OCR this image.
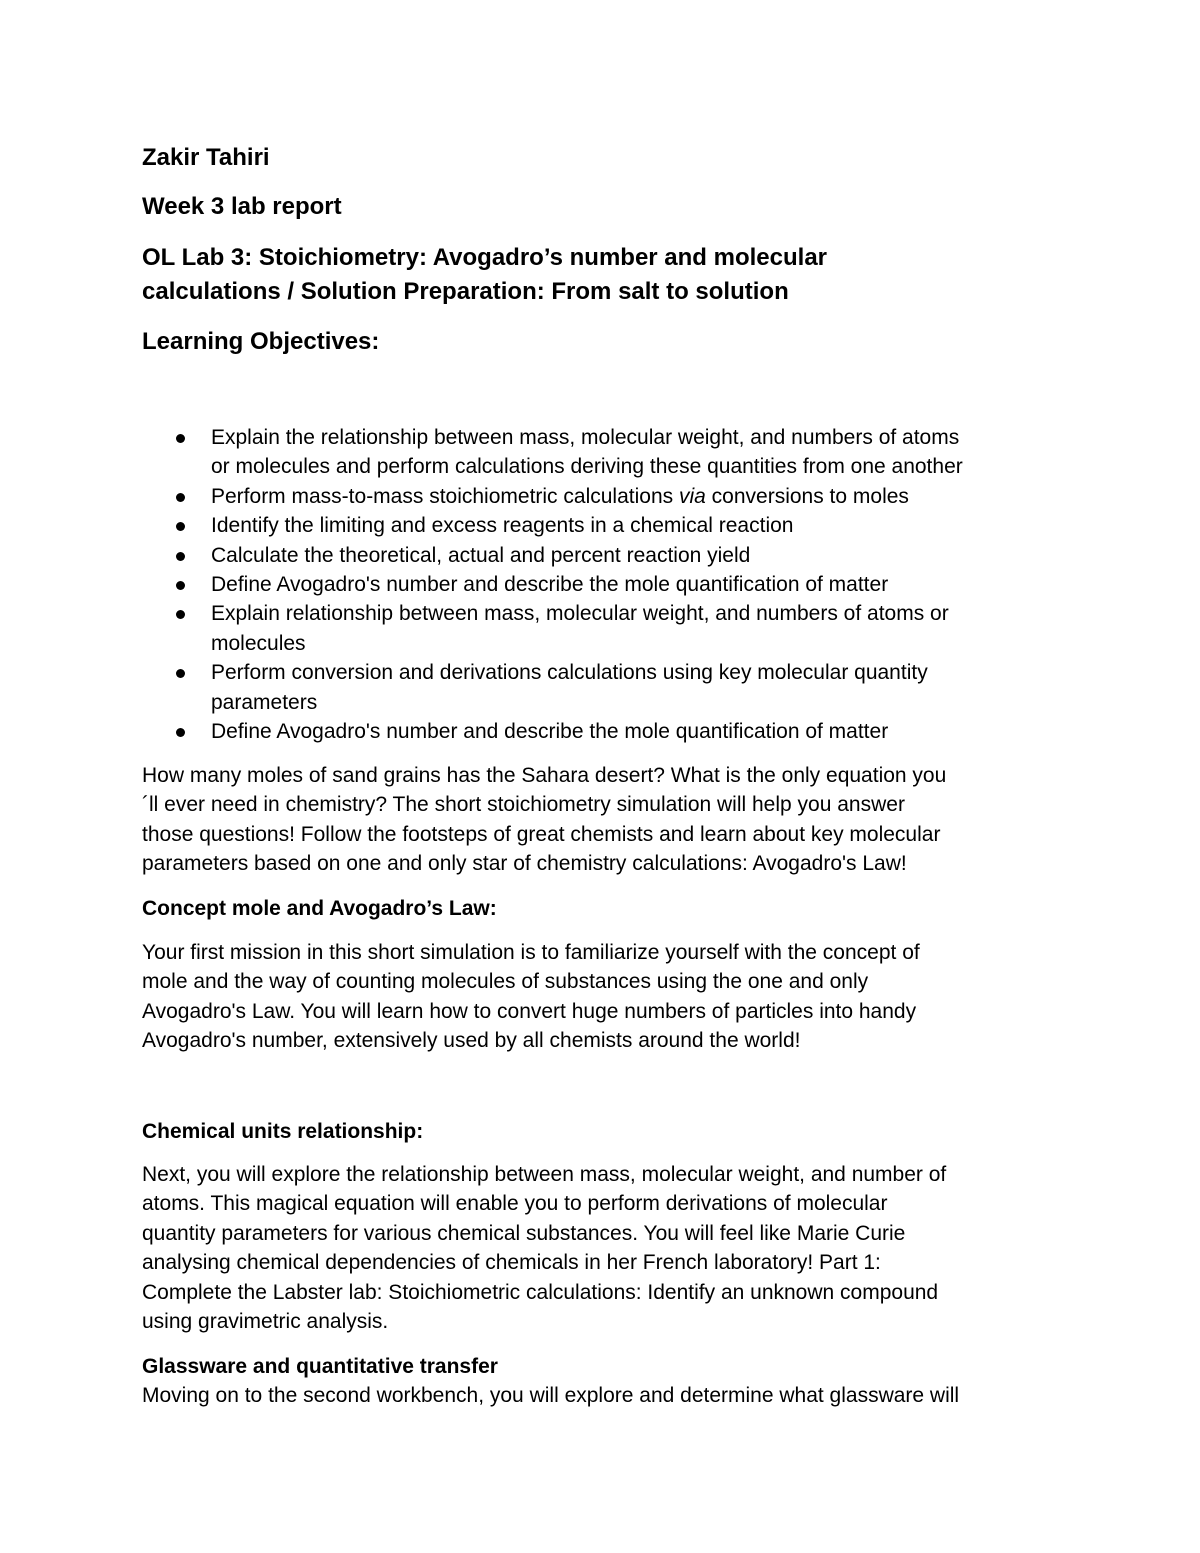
Zakir Tahiri
Week 3 lab report
OL Lab 3: Stoichiometry: Avogadro’s number and molecular
calculations / Solution Preparation: From salt to solution
Learning Objectives:
Explain the relationship between mass, molecular weight, and numbers of atoms
or molecules and perform calculations deriving these quantities from one another
Perform mass-to-mass stoichiometric calculations via conversions to moles
Identify the limiting and excess reagents in a chemical reaction
Calculate the theoretical, actual and percent reaction yield
Define Avogadro's number and describe the mole quantification of matter
Explain relationship between mass, molecular weight, and numbers of atoms or
molecules
Perform conversion and derivations calculations using key molecular quantity
parameters
Define Avogadro's number and describe the mole quantification of matter
How many moles of sand grains has the Sahara desert? What is the only equation you
´ll ever need in chemistry? The short stoichiometry simulation will help you answer
those questions! Follow the footsteps of great chemists and learn about key molecular
parameters based on one and only star of chemistry calculations: Avogadro's Law!
Concept mole and Avogadro’s Law:
Your first mission in this short simulation is to familiarize yourself with the concept of
mole and the way of counting molecules of substances using the one and only
Avogadro's Law. You will learn how to convert huge numbers of particles into handy
Avogadro's number, extensively used by all chemists around the world!
Chemical units relationship:
Next, you will explore the relationship between mass, molecular weight, and number of
atoms. This magical equation will enable you to perform derivations of molecular
quantity parameters for various chemical substances. You will feel like Marie Curie
analysing chemical dependencies of chemicals in her French laboratory! Part 1:
Complete the Labster lab: Stoichiometric calculations: Identify an unknown compound
using gravimetric analysis.
Glassware and quantitative transfer
Moving on to the second workbench, you will explore and determine what glassware will
